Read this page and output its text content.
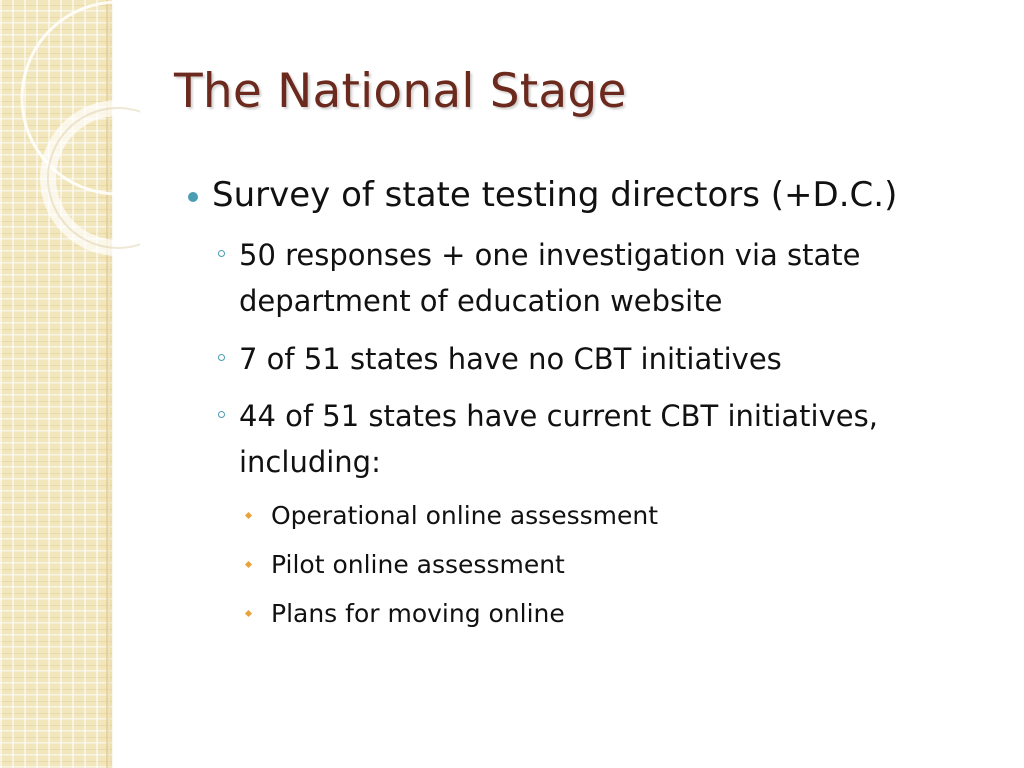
The National Stage
Survey of state testing directors (+D.C.)
50 responses + one investigation via state department of education website
7 of 51 states have no CBT initiatives
44 of 51 states have current CBT initiatives, including:
Operational online assessment
Pilot online assessment
Plans for moving online
